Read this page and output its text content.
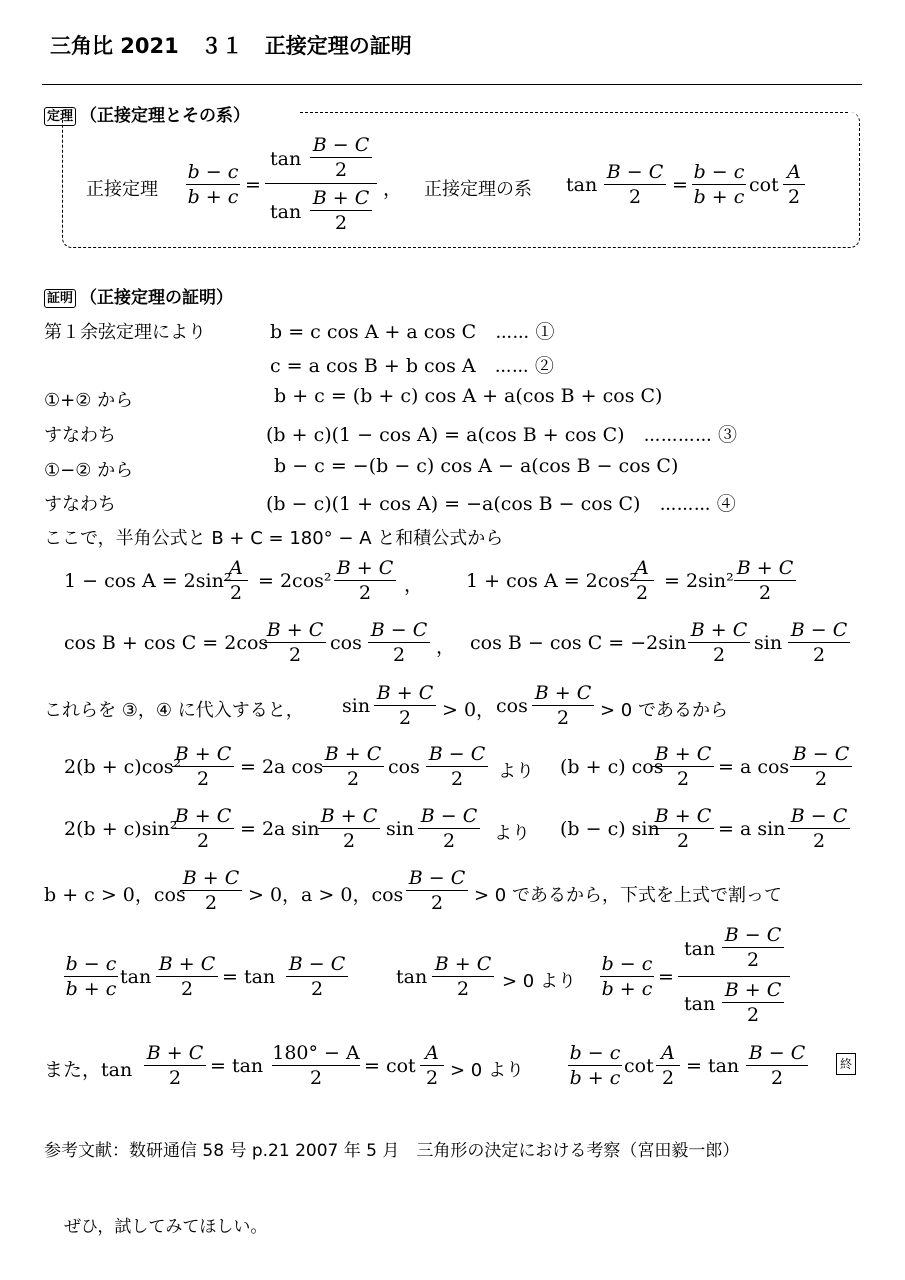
三角比 2021 ３１ 正接定理の証明
定理 （正接定理とその系）
正接定理
b − c
b + c
=
tan
B − C
2
tan
B + C
2
， 正接定理の系 tan
B − C
2
=
b − c
b + c
cot
A
2
証明 （正接定理の証明）
第１余弦定理により	b = c cos A + a cos C　⋯⋯ ①
c = a cos B + b cos A　⋯⋯ ②
①+② から	b + c = (b + c) cos A + a(cos B + cos C)
すなわち	(b + c)(1 − cos A) = a(cos B + cos C)　⋯⋯⋯⋯ ③
①−② から	b − c = −(b − c) cos A − a(cos B − cos C)
すなわち	(b − c)(1 + cos A) = −a(cos B − cos C)　⋯⋯⋯ ④
ここで，半角公式と B + C = 180° − A と和積公式から
1 − cos A = 2sin²
A
2
= 2cos²
B + C
2	， 1 + cos A = 2cos²
A
2
= 2sin²
B + C
2
cos B + cos C = 2cos
B + C
2
cos
B − C
2	， cos B − cos C = −2sin
B + C
2
sin
B − C
2
これらを ③，④ に代入すると， sin
B + C
2	> 0， cos
B + C
2	> 0 であるから
2(b + c)cos²
B + C
2
= 2a cos
B + C
2
cos
B − C
2	より (b + c) cos
B + C
2
= a cos
B − C
2
2(b + c)sin²
B + C
2
= 2a sin
B + C
2
sin
B − C
2	より (b − c) sin
B + C
2
= a sin
B − C
2
b + c > 0，cos
B + C
2	> 0，a > 0，cos
B − C
2	> 0 であるから，下式を上式で割って
b − c
b + c
tan
B + C
2
= tan
B − C
2
tan
B + C
2	> 0 より
b − c
b + c
=
tan
B − C
2
tan
B + C
2
また，tan
B + C
2
= tan
180° − A
2
= cot
A
2 > 0 より
b − c
b + c
cot
A
2
= tan
B − C
2
終
参考文献：数研通信 58 号 p.21 2007 年 5 月　三角形の決定における考察（宮田毅一郎）
ぜひ，試してみてほしい。
